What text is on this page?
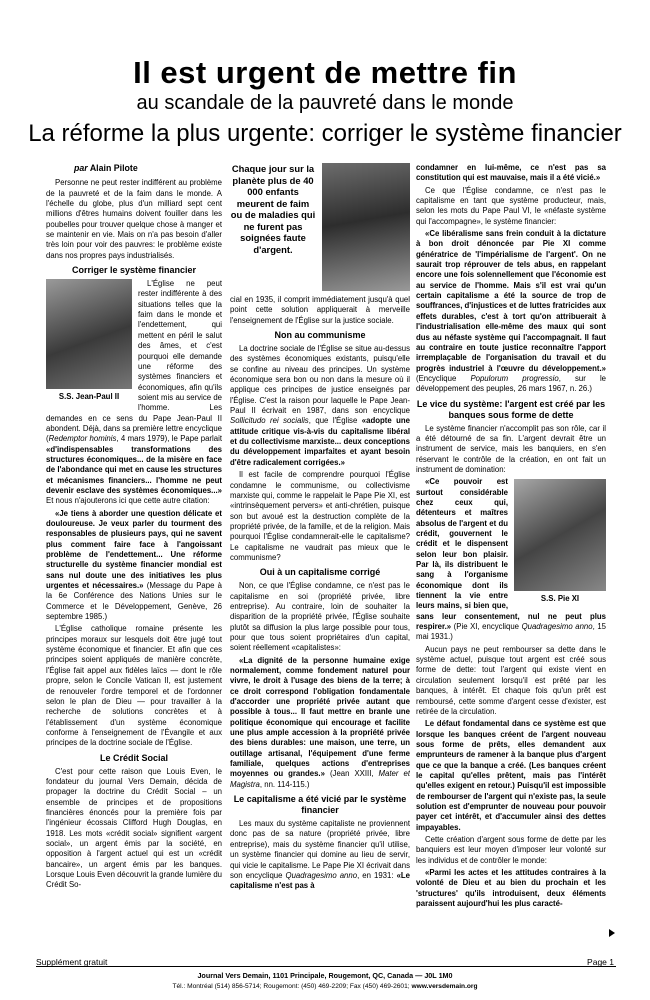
Il est urgent de mettre fin
au scandale de la pauvreté dans le monde
La réforme la plus urgente: corriger le système financier
par Alain Pilote

Personne ne peut rester indifférent au problème de la pauvreté et de la faim dans le monde. A l'échelle du globe, plus d'un milliard sept cent millions d'êtres humains doivent fouiller dans les poubelles pour trouver quelque chose à manger et se maintenir en vie. Mais on n'a pas besoin d'aller très loin pour voir des pauvres: le problème existe dans nos propres pays industrialisés.

Corriger le système financier
S.S. Jean-Paul II

L'Église ne peut rester indifférente à des situations telles que la faim dans le monde et l'endettement, qui mettent en péril le salut des âmes, et c'est pourquoi elle demande une réforme des systèmes financiers et économiques, afin qu'ils soient mis au service de l'homme. Les demandes en ce sens du Pape Jean-Paul II abondent. Déjà, dans sa première lettre encyclique (Redemptor hominis, 4 mars 1979), le Pape parlait «d'indispensables transformations des structures économiques... de la misère en face de l'abondance qui met en cause les structures et mécanismes financiers... l'homme ne peut devenir esclave des systèmes économiques...» Et nous n'ajouterons ici que cette autre citation:

«Je tiens à aborder une question délicate et douloureuse. Je veux parler du tourment des responsables de plusieurs pays, qui ne savent plus comment faire face à l'angoissant problème de l'endettement... Une réforme structurelle du système financier mondial est sans nul doute une des initiatives les plus urgentes et nécessaires.» (Message du Pape à la 6e Conférence des Nations Unies sur le Commerce et le Développement, Genève, 26 septembre 1985.)

L'Église catholique romaine présente les principes moraux sur lesquels doit être jugé tout système économique et financier. Et afin que ces principes soient appliqués de manière concrète, l'Église fait appel aux fidèles laïcs — dont le rôle propre, selon le Concile Vatican II, est justement de renouveler l'ordre temporel et de l'ordonner selon le plan de Dieu — pour travailler à la recherche de solutions concrètes et à l'établissement d'un système économique conforme à l'enseignement de l'Évangile et aux principes de la doctrine sociale de l'Église.

Le Crédit Social

C'est pour cette raison que Louis Even, le fondateur du journal Vers Demain, décida de propager la doctrine du Crédit Social – un ensemble de principes et de propositions financières énoncés pour la première fois par l'ingénieur écossais Clifford Hugh Douglas, en 1918. Les mots «crédit social» signifient «argent social», un argent émis par la société, en opposition à l'argent actuel qui est un «crédit bancaire», un argent émis par les banques. Lorsque Louis Even découvrit la grande lumière du Crédit So-

Chaque jour sur la planète plus de 40 000 enfants meurent de faim ou de maladies qui ne furent pas soignées faute d'argent.

cial en 1935, il comprit immédiatement jusqu'à quel point cette solution appliquerait à merveille l'enseignement de l'Église sur la justice sociale.

Non au communisme

La doctrine sociale de l'Église se situe au-dessus des systèmes économiques existants, puisqu'elle se confine au niveau des principes. Un système économique sera bon ou non dans la mesure où il applique ces principes de justice enseignés par l'Église. C'est la raison pour laquelle le Pape Jean-Paul II écrivait en 1987, dans son encyclique Sollicitudo rei socialis, que l'Église «adopte une attitude critique vis-à-vis du capitalisme libéral et du collectivisme marxiste... deux conceptions du développement imparfaites et ayant besoin d'être radicalement corrigées.»

Il est facile de comprendre pourquoi l'Église condamne le communisme, ou collectivisme marxiste qui, comme le rappelait le Pape Pie XI, est «intrinsèquement pervers» et anti-chrétien, puisque son but avoué est la destruction complète de la propriété privée, de la famille, et de la religion. Mais pourquoi l'Église condamnerait-elle le capitalisme? Le capitalisme ne vaudrait pas mieux que le communisme?

Oui à un capitalisme corrigé

Non, ce que l'Église condamne, ce n'est pas le capitalisme en soi (propriété privée, libre entreprise). Au contraire, loin de souhaiter la disparition de la propriété privée, l'Église souhaite plutôt sa diffusion la plus large possible pour tous, pour que tous soient propriétaires d'un capital, soient réellement «capitalistes»:

«La dignité de la personne humaine exige normalement, comme fondement naturel pour vivre, le droit à l'usage des biens de la terre; à ce droit correspond l'obligation fondamentale d'accorder une propriété privée autant que possible à tous... Il faut mettre en branle une politique économique qui encourage et facilite une plus ample accession à la propriété privée des biens durables: une maison, une terre, un outillage artisanal, l'équipement d'une ferme familiale, quelques actions d'entreprises moyennes ou grandes.» (Jean XXIII, Mater et Magistra, nn. 114-115.)

Le capitalisme a été vicié par le système financier

Les maux du système capitaliste ne proviennent donc pas de sa nature (propriété privée, libre entreprise), mais du système financier qu'il utilise, un système financier qui domine au lieu de servir, qui vicie le capitalisme. Le Pape Pie XI écrivait dans son encyclique Quadragesimo anno, en 1931: «Le capitalisme n'est pas à

condamner en lui-même, ce n'est pas sa constitution qui est mauvaise, mais il a été vicié.»

Ce que l'Église condamne, ce n'est pas le capitalisme en tant que système producteur, mais, selon les mots du Pape Paul VI, le «néfaste système qui l'accompagne», le système financier:

«Ce libéralisme sans frein conduit à la dictature à bon droit dénoncée par Pie XI comme génératrice de 'l'impérialisme de l'argent'. On ne saurait trop réprouver de tels abus, en rappelant encore une fois solennellement que l'économie est au service de l'homme. Mais s'il est vrai qu'un certain capitalisme a été la source de trop de souffrances, d'injustices et de luttes fratricides aux effets durables, c'est à tort qu'on attribuerait à l'industrialisation elle-même des maux qui sont dus au néfaste système qui l'accompagnait. Il faut au contraire en toute justice reconnaître l'apport irremplaçable de l'organisation du travail et du progrès industriel à l'œuvre du développement.» (Encyclique Populorum progressio, sur le développement des peuples, 26 mars 1967, n. 26.)

Le vice du système: l'argent est créé par les banques sous forme de dette

Le système financier n'accomplit pas son rôle, car il a été détourné de sa fin. L'argent devrait être un instrument de service, mais les banquiers, en s'en réservant le contrôle de la création, en ont fait un instrument de domination:

S.S. Pie XI

«Ce pouvoir est surtout considérable chez ceux qui, détenteurs et maîtres absolus de l'argent et du crédit, gouvernent le crédit et le dispensent selon leur bon plaisir. Par là, ils distribuent le sang à l'organisme économique dont ils tiennent la vie entre leurs mains, si bien que, sans leur consentement, nul ne peut plus respirer.» (Pie XI, encyclique Quadragesimo anno, 15 mai 1931.)

Aucun pays ne peut rembourser sa dette dans le système actuel, puisque tout argent est créé sous forme de dette: tout l'argent qui existe vient en circulation seulement lorsqu'il est prêté par les banques, à intérêt. Et chaque fois qu'un prêt est remboursé, cette somme d'argent cesse d'exister, est retirée de la circulation.

Le défaut fondamental dans ce système est que lorsque les banques créent de l'argent nouveau sous forme de prêts, elles demandent aux emprunteurs de ramener à la banque plus d'argent que ce que la banque a créé. (Les banques créent le capital qu'elles prêtent, mais pas l'intérêt qu'elles exigent en retour.) Puisqu'il est impossible de rembourser de l'argent qui n'existe pas, la seule solution est d'emprunter de nouveau pour pouvoir payer cet intérêt, et d'accumuler ainsi des dettes impayables.

Cette création d'argent sous forme de dette par les banquiers est leur moyen d'imposer leur volonté sur les individus et de contrôler le monde:

«Parmi les actes et les attitudes contraires à la volonté de Dieu et au bien du prochain et les 'structures' qu'ils introduisent, deux éléments paraissent aujourd'hui les plus caracté-

Supplément gratuit	Page 1
Journal Vers Demain, 1101 Principale, Rougemont, QC, Canada — J0L 1M0
Tél.: Montréal (514) 856-5714; Rougemont: (450) 469-2209; Fax (450) 469-2601; www.versdemain.org
